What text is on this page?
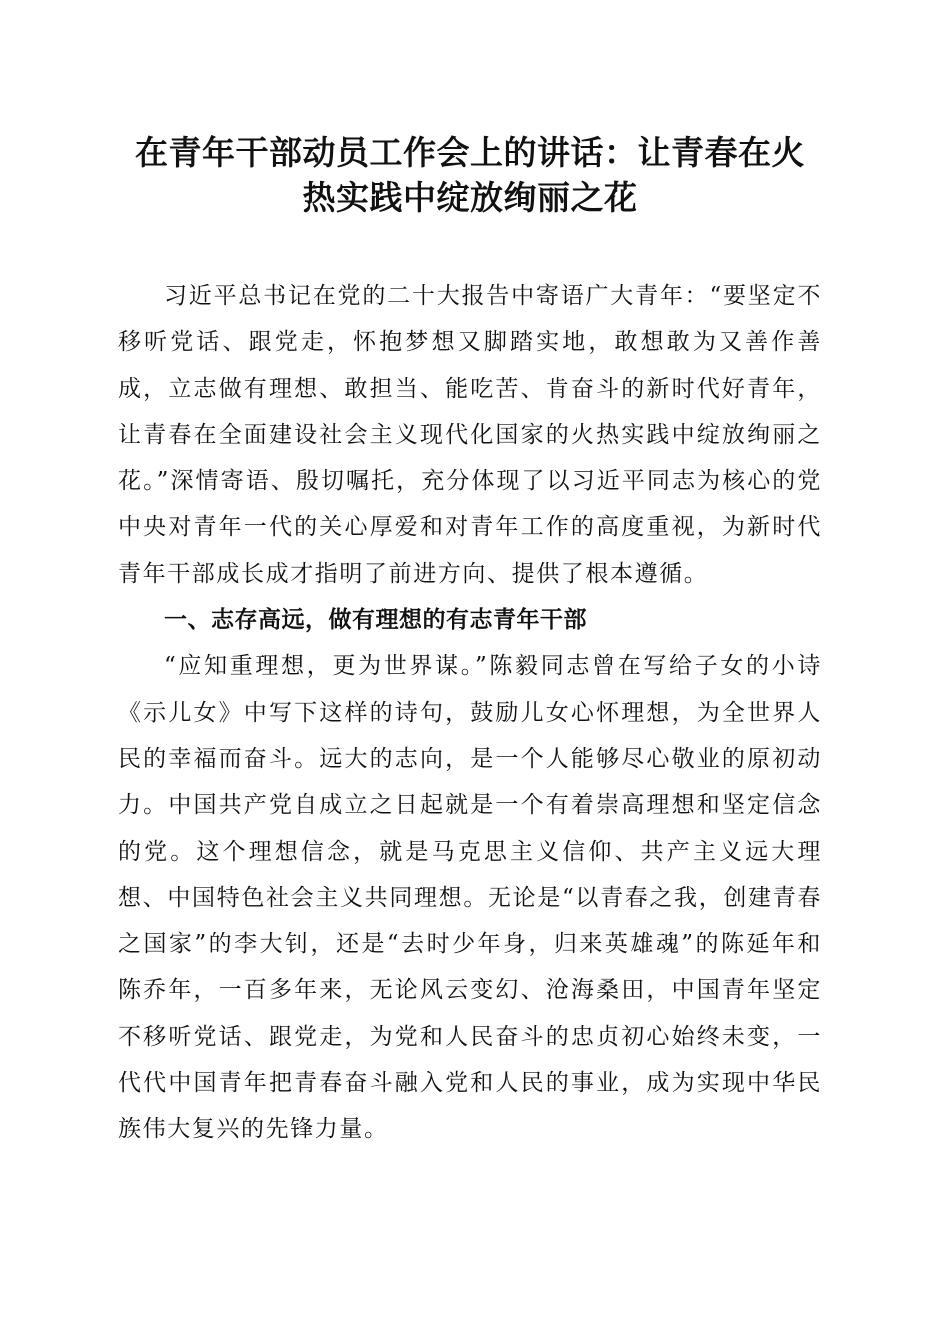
在青年干部动员工作会上的讲话：让青春在火
热实践中绽放绚丽之花

习近平总书记在党的二十大报告中寄语广大青年：“要坚定不移听党话、跟党走，怀抱梦想又脚踏实地，敢想敢为又善作善成，立志做有理想、敢担当、能吃苦、肯奋斗的新时代好青年，让青春在全面建设社会主义现代化国家的火热实践中绽放绚丽之花。”深情寄语、殷切嘱托，充分体现了以习近平同志为核心的党中央对青年一代的关心厚爱和对青年工作的高度重视，为新时代青年干部成长成才指明了前进方向、提供了根本遵循。

一、志存高远，做有理想的有志青年干部

“应知重理想，更为世界谋。”陈毅同志曾在写给子女的小诗《示儿女》中写下这样的诗句，鼓励儿女心怀理想，为全世界人民的幸福而奋斗。远大的志向，是一个人能够尽心敬业的原初动力。中国共产党自成立之日起就是一个有着崇高理想和坚定信念的党。这个理想信念，就是马克思主义信仰、共产主义远大理想、中国特色社会主义共同理想。无论是“以青春之我，创建青春之国家”的李大钊，还是“去时少年身，归来英雄魂”的陈延年和陈乔年，一百多年来，无论风云变幻、沧海桑田，中国青年坚定不移听党话、跟党走，为党和人民奋斗的忠贞初心始终未变，一代代中国青年把青春奋斗融入党和人民的事业，成为实现中华民族伟大复兴的先锋力量。
